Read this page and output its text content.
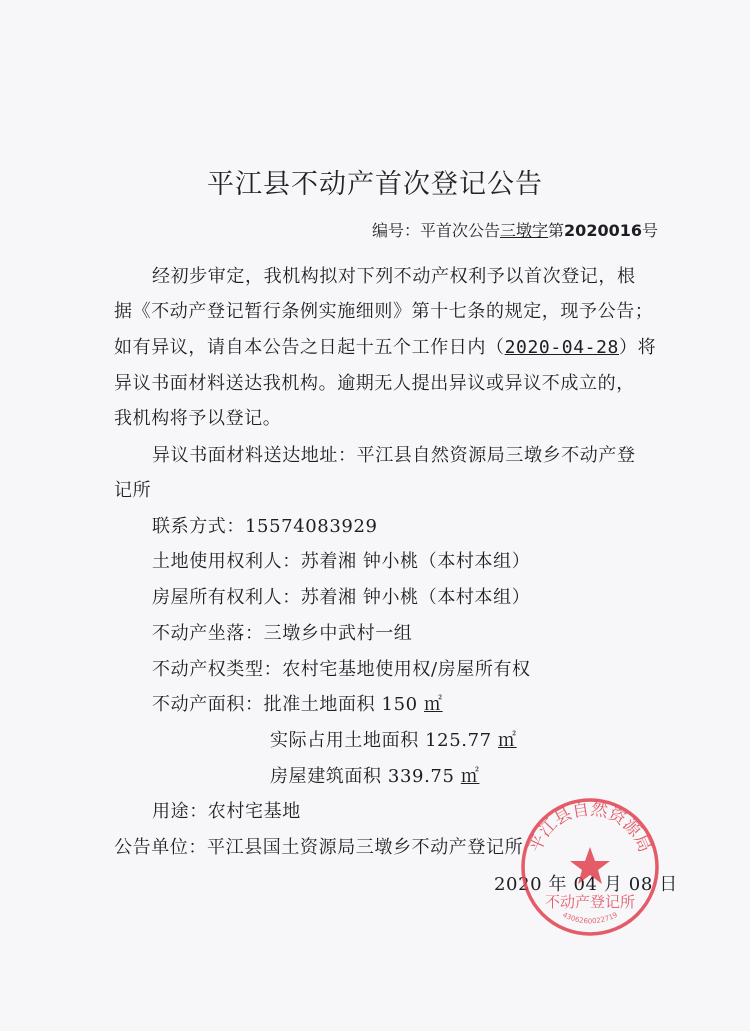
平江县不动产首次登记公告
编号：平首次公告三墩字第2020016号
经初步审定，我机构拟对下列不动产权利予以首次登记，根
据《不动产登记暂行条例实施细则》第十七条的规定，现予公告；
如有异议，请自本公告之日起十五个工作日内（2020-04-28）将
异议书面材料送达我机构。逾期无人提出异议或异议不成立的，
我机构将予以登记。
异议书面材料送达地址：平江县自然资源局三墩乡不动产登
记所
联系方式：15574083929
土地使用权利人：苏着湘 钟小桃（本村本组）
房屋所有权利人：苏着湘 钟小桃（本村本组）
不动产坐落：三墩乡中武村一组
不动产权类型：农村宅基地使用权/房屋所有权
不动产面积：批准土地面积 150 ㎡
实际占用土地面积 125.77 ㎡
房屋建筑面积 339.75 ㎡
用途：农村宅基地
公告单位：平江县国土资源局三墩乡不动产登记所
2020 年 04 月 08 日
平江县自然资源局
不动产登记所
4306260022719
